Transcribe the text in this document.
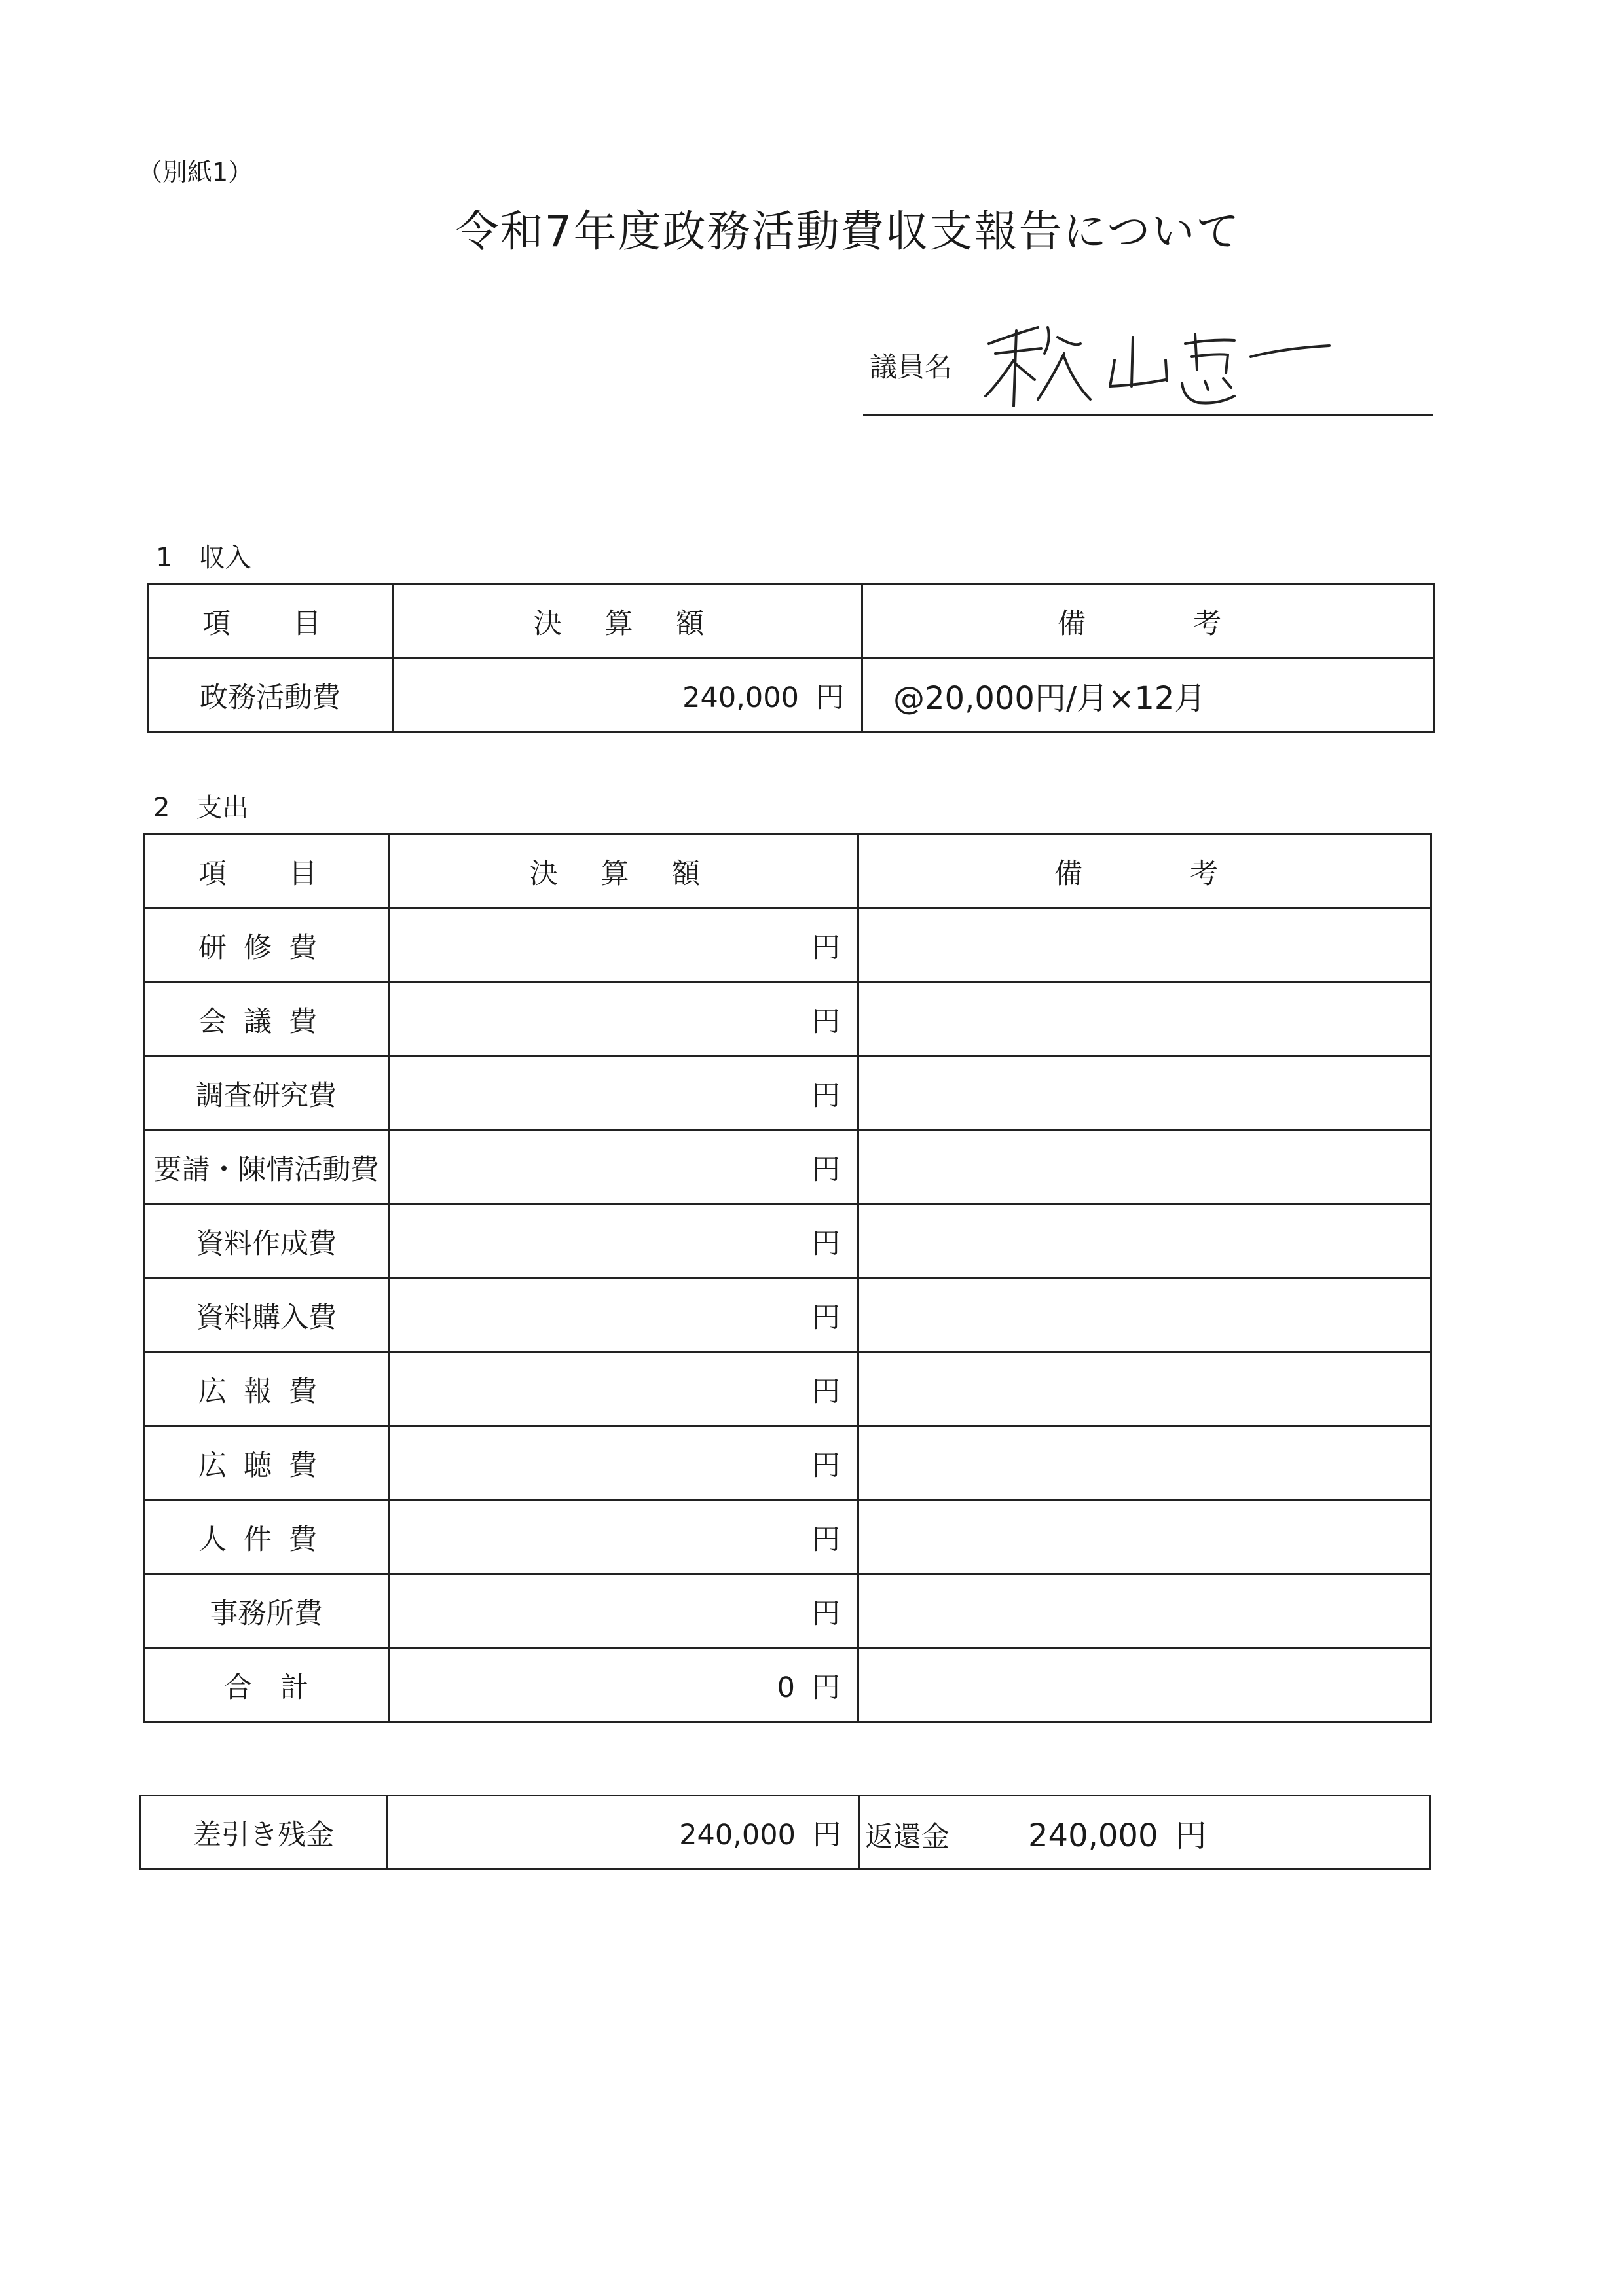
（別紙1）
令和7年度政務活動費収支報告について
議員名
1　収入
項　目	決 算 額	備　　考
政務活動費	240,000 円	@20,000円/月×12月
2　支出
項　目	決 算 額	備　　考
研修費	円	
会議費	円	
調査研究費	円	
要請・陳情活動費	円	
資料作成費	円	
資料購入費	円	
広報費	円	
広聴費	円	
人件費	円	
事務所費	円	
合　計	0 円	
差引き残金	240,000 円	返還金	240,000 円
